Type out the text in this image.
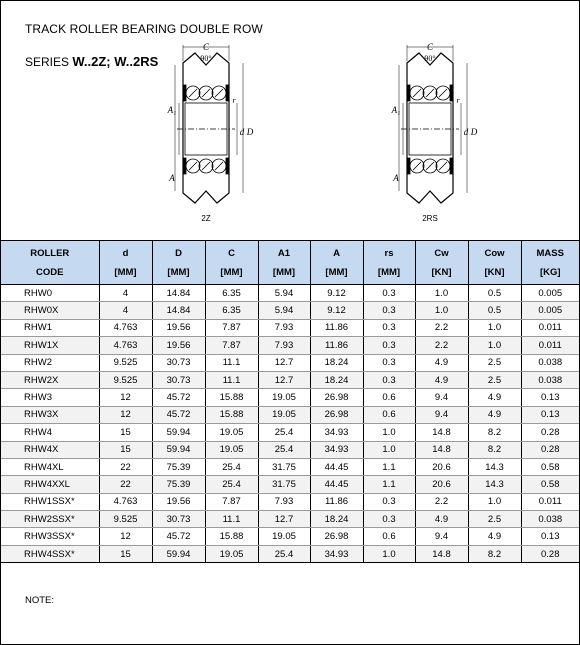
TRACK ROLLER BEARING DOUBLE ROW
SERIES W..2Z; W..2RS
C
90°
A₁
A
d D
r
2Z
C
90°
A₁
A
d D
r
2RS
ROLLER	d	D	C	A1	A	rs	Cw	Cow	MASS
CODE	[MM]	[MM]	[MM]	[MM]	[MM]	[MM]	[KN]	[KN]	[KG]
RHW0	4	14.84	6.35	5.94	9.12	0.3	1.0	0.5	0.005
RHW0X	4	14.84	6.35	5.94	9.12	0.3	1.0	0.5	0.005
RHW1	4.763	19.56	7.87	7.93	11.86	0.3	2.2	1.0	0.011
RHW1X	4.763	19.56	7.87	7.93	11.86	0.3	2.2	1.0	0.011
RHW2	9.525	30.73	11.1	12.7	18.24	0.3	4.9	2.5	0.038
RHW2X	9.525	30.73	11.1	12.7	18.24	0.3	4.9	2.5	0.038
RHW3	12	45.72	15.88	19.05	26.98	0.6	9.4	4.9	0.13
RHW3X	12	45.72	15.88	19.05	26.98	0.6	9.4	4.9	0.13
RHW4	15	59.94	19.05	25.4	34.93	1.0	14.8	8.2	0.28
RHW4X	15	59.94	19.05	25.4	34.93	1.0	14.8	8.2	0.28
RHW4XL	22	75.39	25.4	31.75	44.45	1.1	20.6	14.3	0.58
RHW4XXL	22	75.39	25.4	31.75	44.45	1.1	20.6	14.3	0.58
RHW1SSX*	4.763	19.56	7.87	7.93	11.86	0.3	2.2	1.0	0.011
RHW2SSX*	9.525	30.73	11.1	12.7	18.24	0.3	4.9	2.5	0.038
RHW3SSX*	12	45.72	15.88	19.05	26.98	0.6	9.4	4.9	0.13
RHW4SSX*	15	59.94	19.05	25.4	34.93	1.0	14.8	8.2	0.28
NOTE:
